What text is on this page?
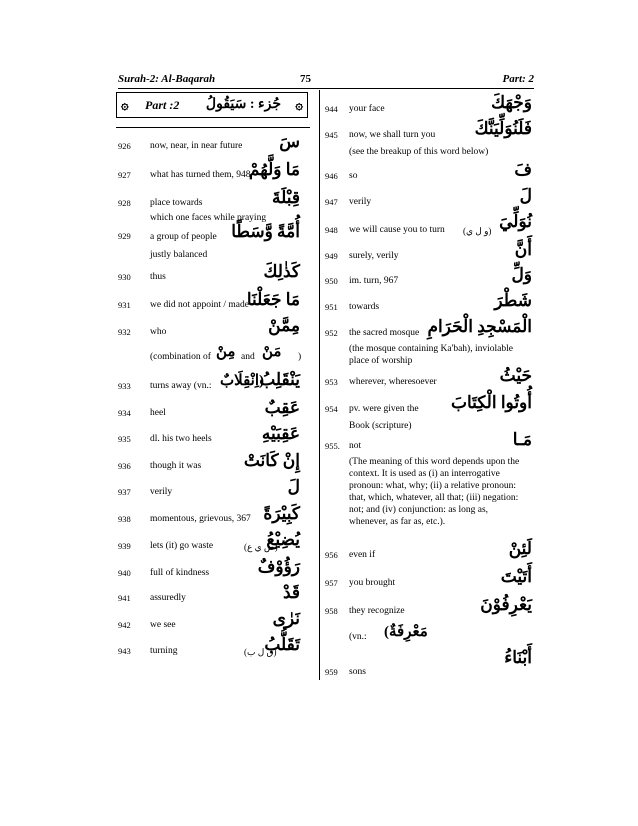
Surah-2: Al-Baqarah	75	Part: 2
۞ Part :2 جُزء : سَيَقُولُ ۞
926 now, near, in near future سَ
927 what has turned them, 948
مَا وَلَّهُمْ
928 place towards	قِبْلَةَ
which one faces while praying
929 a group of people أُمَّةً وَّسَطًا
justly balanced
930 thus	كَذٰلِكَ
931 we did not appoint / made
مَا جَعَلْنَا
932 who	مِمَّنْ
(combination of مِنْ and مَنْ )
933 turns away (vn.: (اِنْقِلَابٌ
يَنْقَلِبُ
934 heel	عَقِبٌ
935 dl. his two heels	عَقِبَيْهِ
936 though it was	إِنْ كَانَتْ
937 verily	لَ
938 momentous, grievous, 367 كَبِيْرَةً
939 lets (it) go waste	(ض ي ع)
يُضِيْعُ
940 full of kindness	رَؤُوْفٌ
941 assuredly	قَدْ
942 we see	نَرٰى
943 turning	(ق ل ب)
تَقَلُّبُ
944 your face	وَجْهَكَ
945 now, we shall turn you فَلَنُوَلِّيَنَّكَ
(see the breakup of this word below)
946 so	فَ
947 verily	لَ
948 we will cause you to turn (و ل ي) نُوَلِّيَ
949 surely, verily	أَنَّ
950 im. turn, 967	وَلِّ
951 towards	شَطْرَ
952 the sacred mosque الْمَسْجِدِ الْحَرَامِ
(the mosque containing Ka'bah), inviolable place of worship
953 wherever, wheresoever	حَيْثُ
954 pv. were given the أُوتُوا الْكِتَابَ
Book (scripture)
955. not	مَـا
(The meaning of this word depends upon the context. It is used as (i) an interrogative pronoun: what, why; (ii) a relative pronoun: that, which, whatever, all that; (iii) negation: not; and (iv) conjunction: as long as, whenever, as far as, etc.).
956 even if	لَئِنْ
957 you brought	أَتَيْتَ
958 they recognize	يَعْرِفُوْنَ
(vn.: مَعْرِفَةٌ)
959 sons
أَبْنَاءُ
